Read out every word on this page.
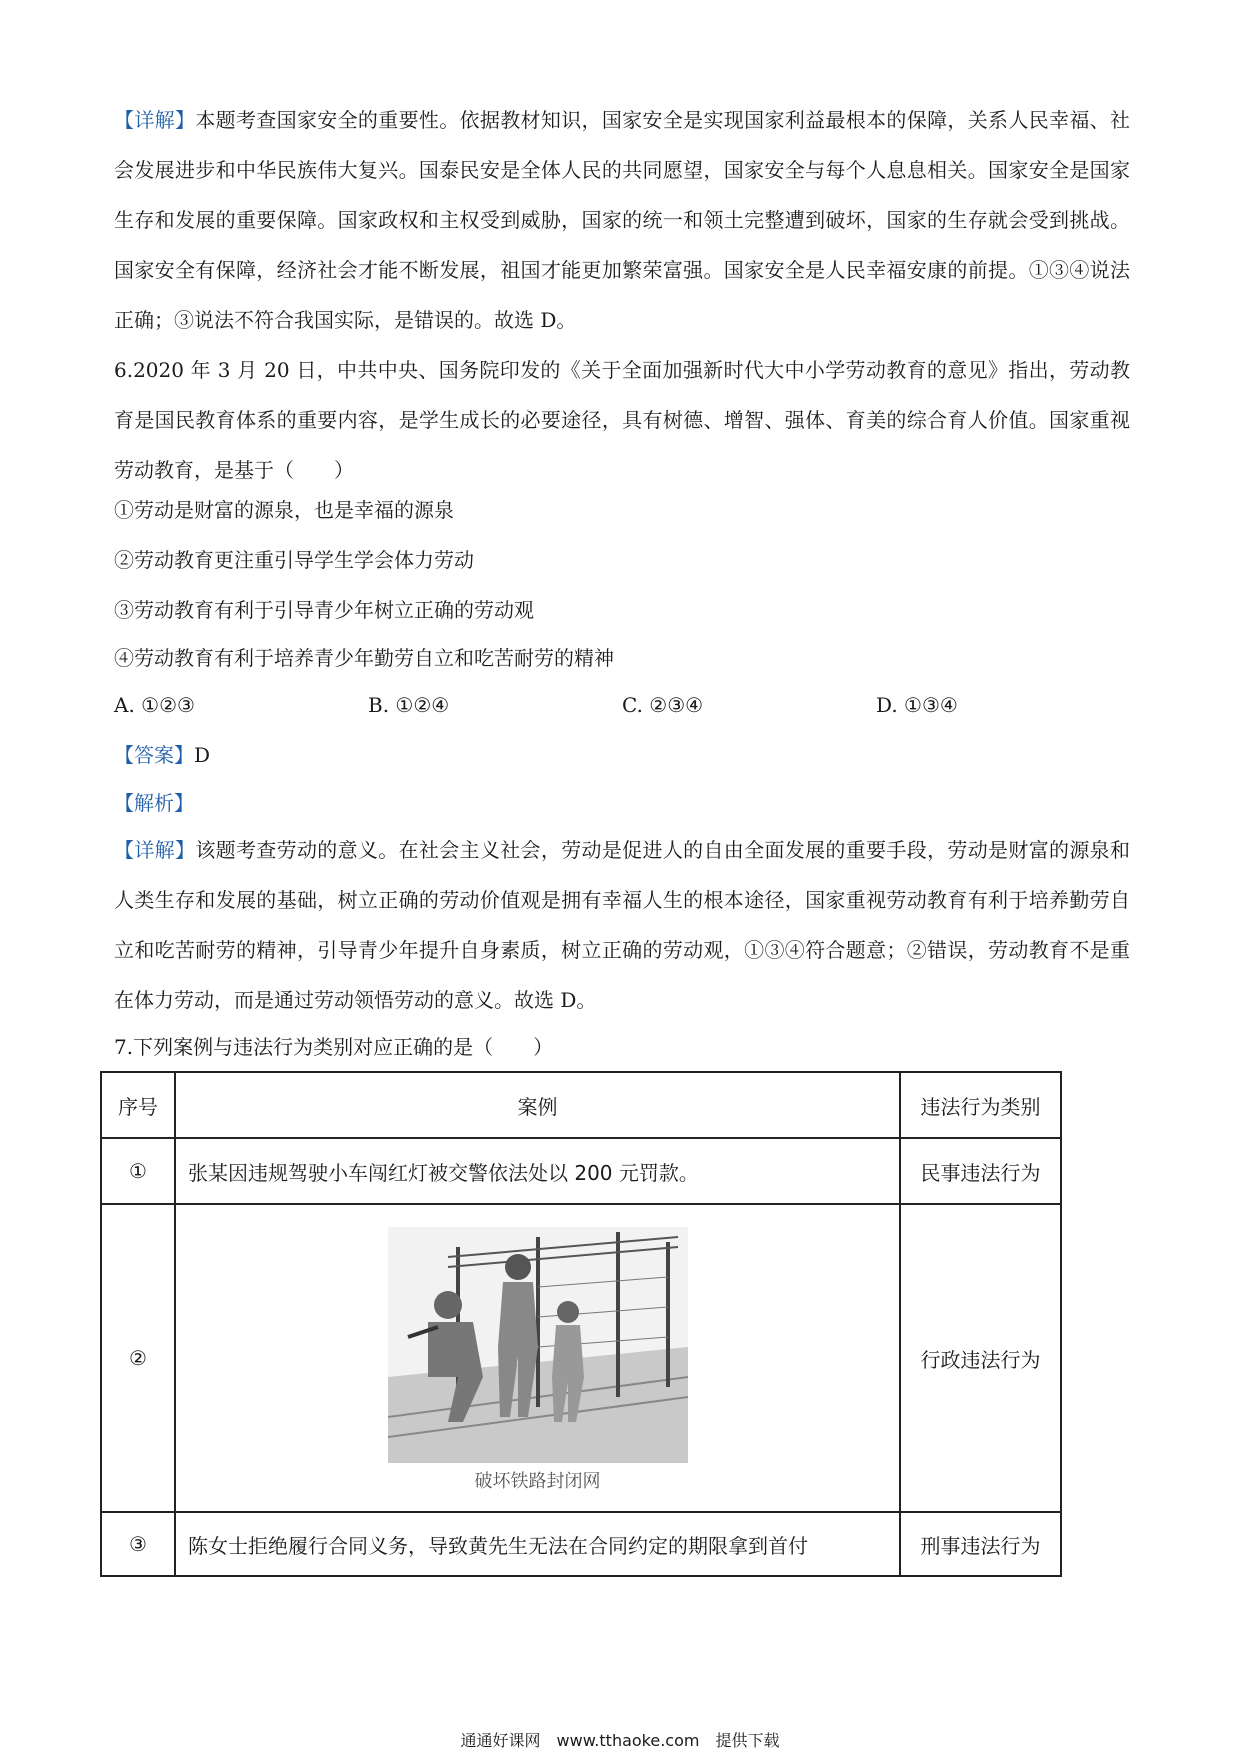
【详解】本题考查国家安全的重要性。依据教材知识，国家安全是实现国家利益最根本的保障，关系人民幸福、社会发展进步和中华民族伟大复兴。国泰民安是全体人民的共同愿望，国家安全与每个人息息相关。国家安全是国家生存和发展的重要保障。国家政权和主权受到威胁，国家的统一和领土完整遭到破坏，国家的生存就会受到挑战。国家安全有保障，经济社会才能不断发展，祖国才能更加繁荣富强。国家安全是人民幸福安康的前提。①③④说法正确；③说法不符合我国实际，是错误的。故选 D。

6.2020 年 3 月 20 日，中共中央、国务院印发的《关于全面加强新时代大中小学劳动教育的意见》指出，劳动教育是国民教育体系的重要内容，是学生成长的必要途径，具有树德、增智、强体、育美的综合育人价值。国家重视劳动教育，是基于（　　）

①劳动是财富的源泉，也是幸福的源泉

②劳动教育更注重引导学生学会体力劳动

③劳动教育有利于引导青少年树立正确的劳动观

④劳动教育有利于培养青少年勤劳自立和吃苦耐劳的精神

A. ①②③	B. ①②④	C. ②③④	D. ①③④

【答案】D

【解析】

【详解】该题考查劳动的意义。在社会主义社会，劳动是促进人的自由全面发展的重要手段，劳动是财富的源泉和人类生存和发展的基础，树立正确的劳动价值观是拥有幸福人生的根本途径，国家重视劳动教育有利于培养勤劳自立和吃苦耐劳的精神，引导青少年提升自身素质，树立正确的劳动观，①③④符合题意；②错误，劳动教育不是重在体力劳动，而是通过劳动领悟劳动的意义。故选 D。

7.下列案例与违法行为类别对应正确的是（　　）

序号	案例	违法行为类别
①	张某因违规驾驶小车闯红灯被交警依法处以 200 元罚款。	民事违法行为
②	破坏铁路封闭网	行政违法行为
③	陈女士拒绝履行合同义务，导致黄先生无法在合同约定的期限拿到首付	刑事违法行为
通通好课网　www.tthaoke.com　提供下载
